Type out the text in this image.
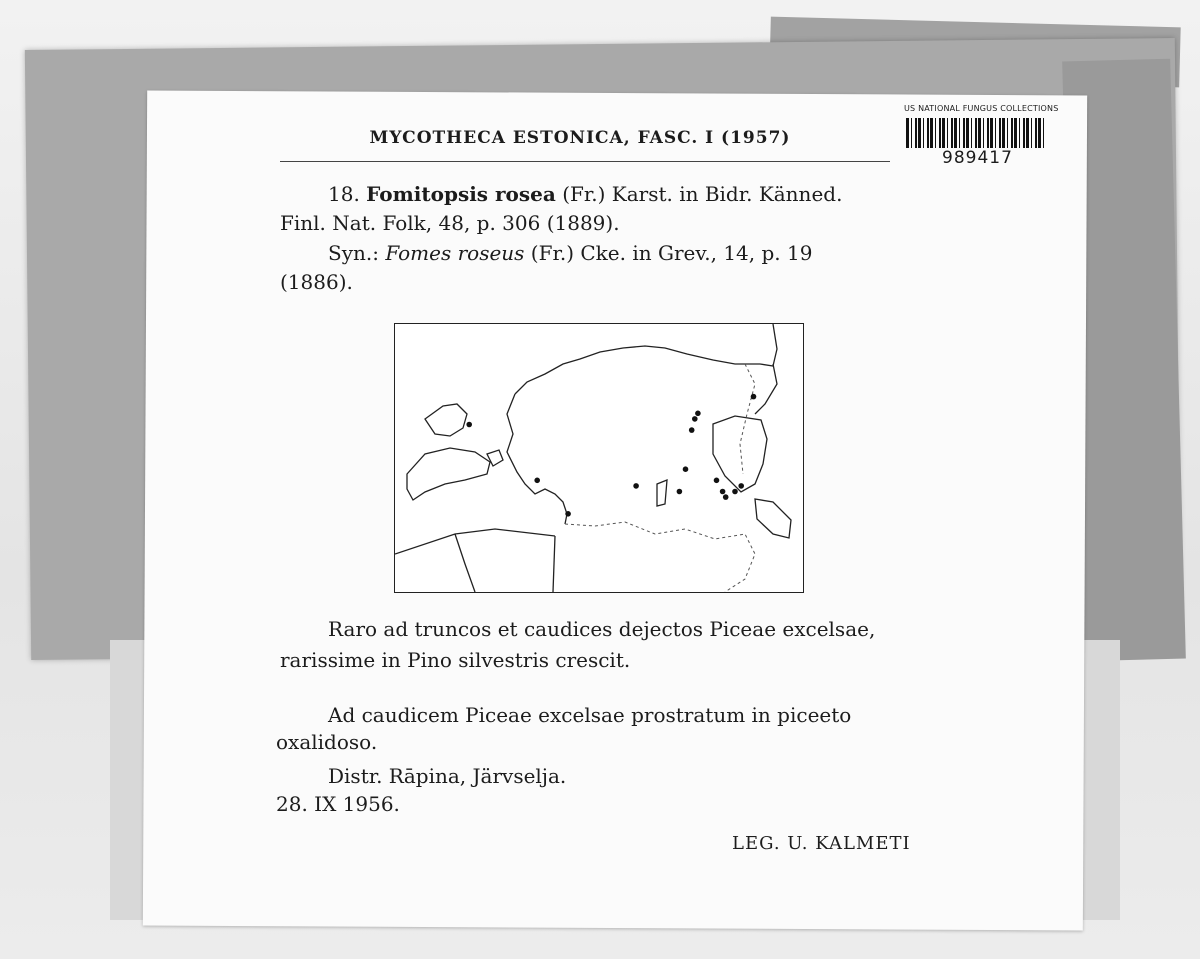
US NATIONAL FUNGUS COLLECTIONS
989417
MYCOTHECA ESTONICA, FASC. I (1957)
18. Fomitopsis rosea (Fr.) Karst. in Bidr. Känned.
Finl. Nat. Folk, 48, p. 306 (1889).
Syn.: Fomes roseus (Fr.) Cke. in Grev., 14, p. 19
(1886).
Raro ad truncos et caudices dejectos Piceae excelsae,
rarissime in Pino silvestris crescit.
Ad caudicem Piceae excelsae prostratum in piceeto
oxalidoso.
Distr. Rāpina, Järvselja.
28. IX 1956.
LEG. U. KALMETI
